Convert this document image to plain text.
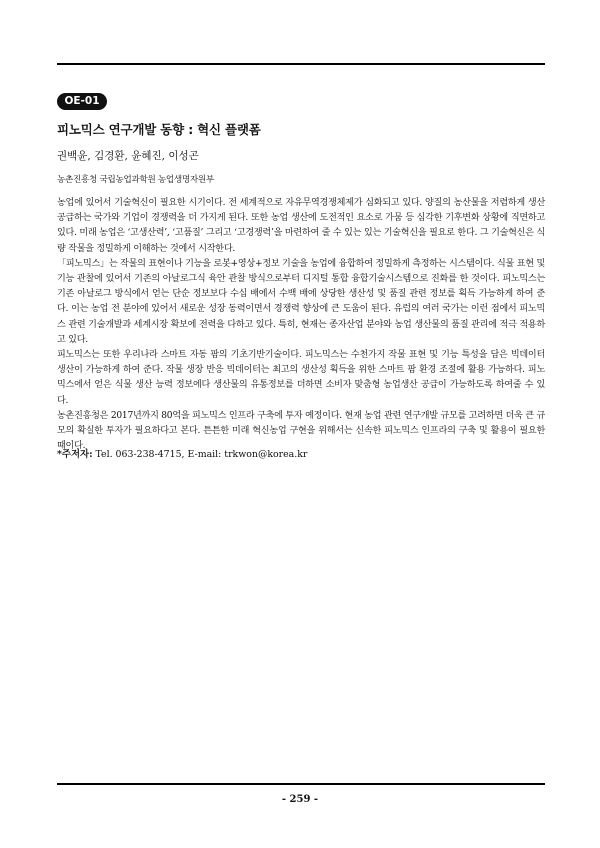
OE-01
피노믹스 연구개발 동향 : 혁신 플랫폼
권백윤, 김경환, 윤혜진, 이성곤
농촌진흥청 국립농업과학원 농업생명자원부

농업에 있어서 기술혁신이 필요한 시기이다. 전 세계적으로 자유무역경쟁체제가 심화되고 있다. 양질의 농산물을 저렴하게 생산 공급하는 국가와 기업이 경쟁력을 더 가지게 된다. 또한 농업 생산에 도전적인 요소로 가뭄 등 심각한 기후변화 상황에 직면하고 있다. 미래 농업은 ‘고생산력’, ‘고품질’ 그리고 ‘고경쟁력’을 마련하여 줄 수 있는 있는 기술혁신을 필요로 한다. 그 기술혁신은 식량 작물을 정밀하게 이해하는 것에서 시작한다.

「피노믹스」는 작물의 표현이나 기능을 로봇+영상+정보 기술을 농업에 융합하여 정밀하게 측정하는 시스템이다. 식물 표현 및 기능 관찰에 있어서 기존의 아날로그식 육안 관찰 방식으로부터 디지털 통합 융합기술시스템으로 진화를 한 것이다. 피노믹스는 기존 아날로그 방식에서 얻는 단순 정보보다 수십 배에서 수백 배에 상당한 생산성 및 품질 관련 정보를 획득 가능하게 하여 준다. 이는 농업 전 분야에 있어서 새로운 성장 동력이면서 경쟁력 향상에 큰 도움이 된다. 유럽의 여러 국가는 이런 점에서 피노믹스 관련 기술개발과 세계시장 확보에 전력을 다하고 있다. 특히, 현재는 종자산업 분야와 농업 생산물의 품질 관리에 적극 적용하고 있다.

피노믹스는 또한 우리나라 스마트 자동 팜의 기초기반기술이다. 피노믹스는 수천가지 작물 표현 및 기능 특성을 담은 빅데이터 생산이 가능하게 하여 준다. 작물 생장 반응 빅데이터는 최고의 생산성 획득을 위한 스마트 팜 환경 조절에 활용 가능하다. 피노믹스에서 얻은 식물 생산 능력 정보에다 생산물의 유통정보를 더하면 소비자 맞춤형 농업생산 공급이 가능하도록 하여줄 수 있다.

농촌진흥청은 2017년까지 80억을 피노믹스 인프라 구축에 투자 예정이다. 현재 농업 관련 연구개발 규모를 고려하면 더욱 큰 규모의 확실한 투자가 필요하다고 본다. 튼튼한 미래 혁신농업 구현을 위해서는 신속한 피노믹스 인프라의 구축 및 활용이 필요한 때이다.

*주저자: Tel. 063-238-4715, E-mail: trkwon@korea.kr
- 259 -
